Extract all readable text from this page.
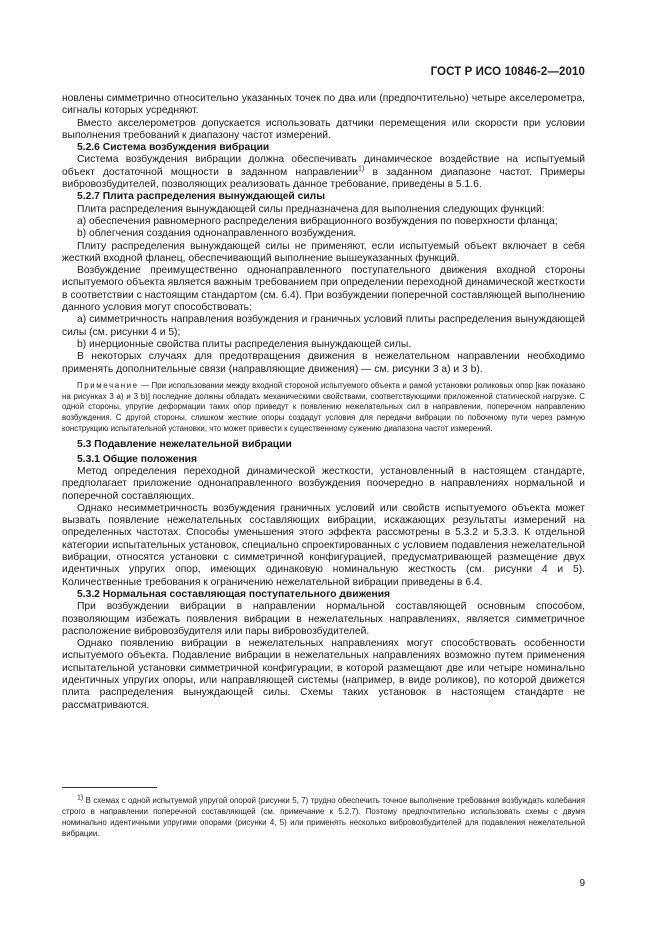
ГОСТ Р ИСО 10846-2—2010

новлены симметрично относительно указанных точек по два или (предпочтительно) четыре акселерометра, сигналы которых усредняют.

Вместо акселерометров допускается использовать датчики перемещения или скорости при условии выполнения требований к диапазону частот измерений.

5.2.6 Система возбуждения вибрации

Система возбуждения вибрации должна обеспечивать динамическое воздействие на испытуемый объект достаточной мощности в заданном направлении$^{1)}$ в заданном диапазоне частот. Примеры вибровозбудителей, позволяющих реализовать данное требование, приведены в 5.1.6.

5.2.7 Плита распределения вынуждающей силы

Плита распределения вынуждающей силы предназначена для выполнения следующих функций:

a) обеспечения равномерного распределения вибрационного возбуждения по поверхности фланца;

b) облегчения создания однонаправленного возбуждения.

Плиту распределения вынуждающей силы не применяют, если испытуемый объект включает в себя жесткий входной фланец, обеспечивающий выполнение вышеуказанных функций.

Возбуждение преимущественно однонаправленного поступательного движения входной стороны испытуемого объекта является важным требованием при определении переходной динамической жесткости в соответствии с настоящим стандартом (см. 6.4). При возбуждении поперечной составляющей выполнению данного условия могут способствовать:

a) симметричность направления возбуждения и граничных условий плиты распределения вынуждающей силы (см. рисунки 4 и 5);

b) инерционные свойства плиты распределения вынуждающей силы.

В некоторых случаях для предотвращения движения в нежелательном направлении необходимо применять дополнительные связи (направляющие движения) — см. рисунки 3 а) и 3 b).

Примечание — При использовании между входной стороной испытуемого объекта и рамой установки роликовых опор [как показано на рисунках 3 а) и 3 b)] последние должны обладать механическими свойствами, соответствующими приложенной статической нагрузке. С одной стороны, упругие деформации таких опор приведут к появлению нежелательных сил в направлении, поперечном направлению возбуждения. С другой стороны, слишком жесткие опоры создадут условия для передачи вибрации по побочному пути через рамную конструкцию испытательной установки, что может привести к существенному сужению диапазона частот измерений.

5.3 Подавление нежелательной вибрации

5.3.1 Общие положения

Метод определения переходной динамической жесткости, установленный в настоящем стандарте, предполагает приложение однонаправленного возбуждения поочередно в направлениях нормальной и поперечной составляющих.

Однако несимметричность возбуждения граничных условий или свойств испытуемого объекта может вызвать появление нежелательных составляющих вибрации, искажающих результаты измерений на определенных частотах. Способы уменьшения этого эффекта рассмотрены в 5.3.2 и 5.3.3. К отдельной категории испытательных установок, специально спроектированных с условием подавления нежелательной вибрации, относятся установки с симметричной конфигурацией, предусматривающей размещение двух идентичных упругих опор, имеющих одинаковую номинальную жесткость (см. рисунки 4 и 5). Количественные требования к ограничению нежелательной вибрации приведены в 6.4.

5.3.2 Нормальная составляющая поступательного движения

При возбуждении вибрации в направлении нормальной составляющей основным способом, позволяющим избежать появления вибрации в нежелательных направлениях, является симметричное расположение вибровозбудителя или пары вибровозбудителей.

Однако появлению вибрации в нежелательных направлениях могут способствовать особенности испытуемого объекта. Подавление вибрации в нежелательных направлениях возможно путем применения испытательной установки симметричной конфигурации, в которой размещают две или четыре номинально идентичных упругих опоры, или направляющей системы (например, в виде роликов), по которой движется плита распределения вынуждающей силы. Схемы таких установок в настоящем стандарте не рассматриваются.

1) В схемах с одной испытуемой упругой опорой (рисунки 5, 7) трудно обеспечить точное выполнение требования возбуждать колебания строго в направлении поперечной составляющей (см. примечание к 5.2.7). Поэтому предпочтительно использовать схемы с двумя номинально идентичными упругими опорами (рисунки 4, 5) или применять несколько вибровозбудителей для подавления нежелательной вибрации.

9
